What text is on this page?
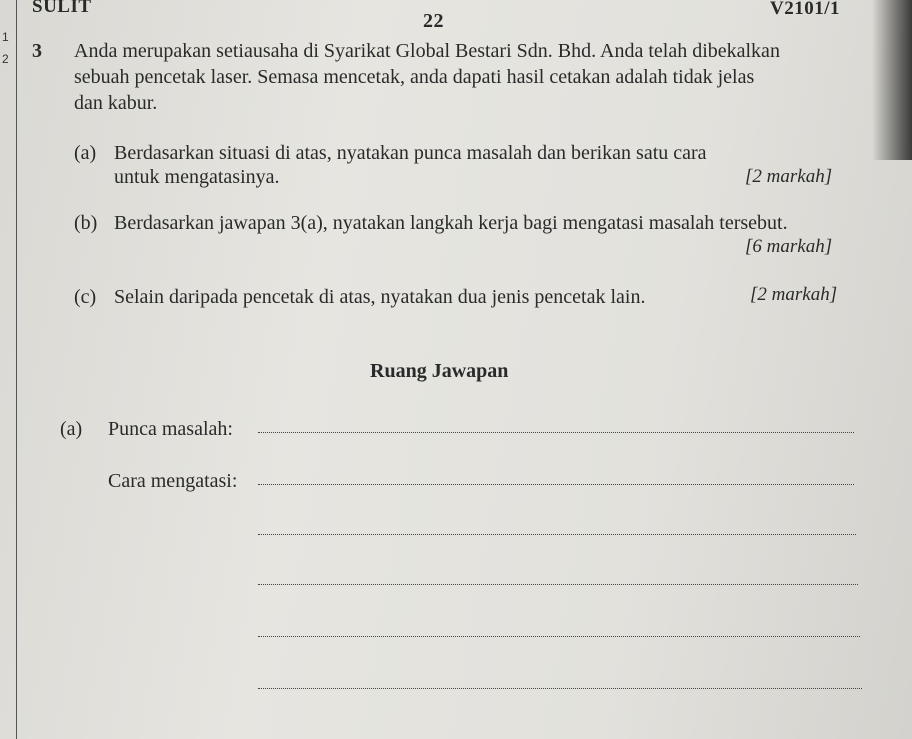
1
2
SULIT
22
V2101/1
3 Anda merupakan setiausaha di Syarikat Global Bestari Sdn. Bhd. Anda telah dibekalkan
sebuah pencetak laser. Semasa mencetak, anda dapati hasil cetakan adalah tidak jelas
dan kabur.
(a) Berdasarkan situasi di atas, nyatakan punca masalah dan berikan satu cara
untuk mengatasinya.	[2 markah]
(b) Berdasarkan jawapan 3(a), nyatakan langkah kerja bagi mengatasi masalah tersebut.
[6 markah]
(c) Selain daripada pencetak di atas, nyatakan dua jenis pencetak lain.	[2 markah]
Ruang Jawapan
(a) Punca masalah:
Cara mengatasi:
